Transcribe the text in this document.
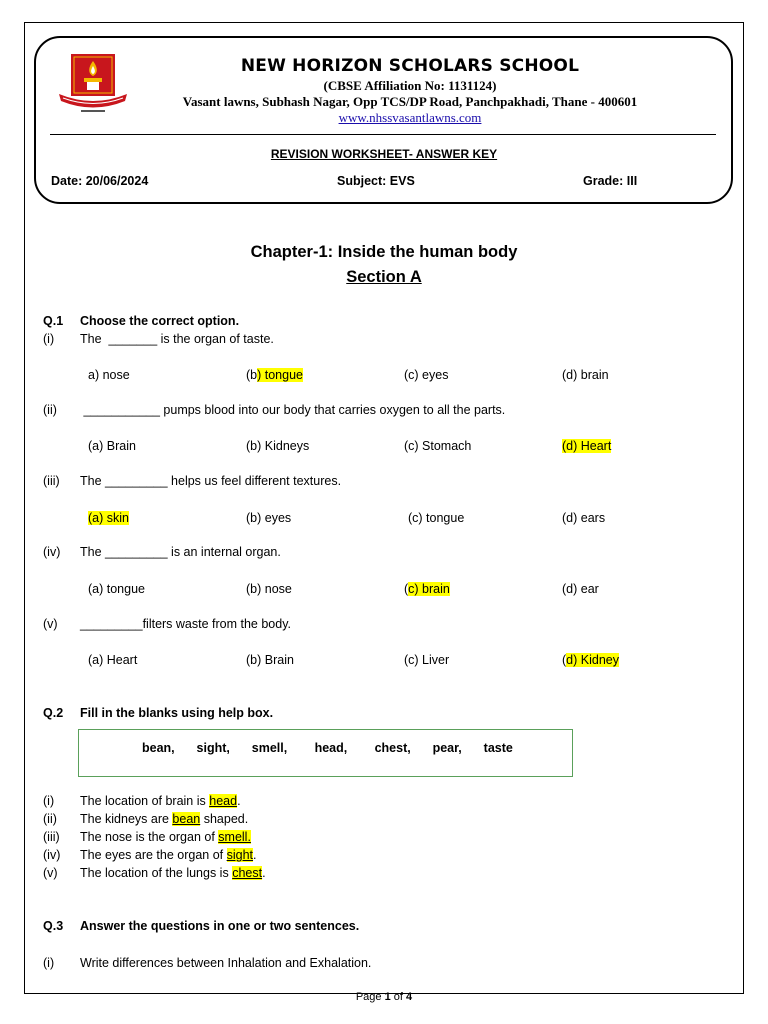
NEW HORIZON SCHOLARS SCHOOL
(CBSE Affiliation No: 1131124)
Vasant lawns, Subhash Nagar, Opp TCS/DP Road, Panchpakhadi, Thane - 400601
www.nhssvasantlawns.com
REVISION WORKSHEET- ANSWER KEY
Date: 20/06/2024	Subject: EVS	Grade: III
Chapter-1: Inside the human body
Section A
Q.1 Choose the correct option.
(i) The  _______ is the organ of taste.
a) nose	(b) tongue	(c) eyes	(d) brain
(ii) ___________ pumps blood into our body that carries oxygen to all the parts.
(a) Brain	(b) Kidneys	(c) Stomach	(d) Heart
(iii) The _________ helps us feel different textures.
(a) skin	(b) eyes	(c) tongue	(d) ears
(iv) The _________ is an internal organ.
(a) tongue	(b) nose	(c) brain	(d) ear
(v) _________filters waste from the body.
(a) Heart	(b) Brain	(c) Liver	(d) Kidney
Q.2 Fill in the blanks using help box.
bean,    sight,    smell,     head,     chest,    pear,    taste
(i) The location of brain is head.
(ii) The kidneys are bean shaped.
(iii) The nose is the organ of smell.
(iv) The eyes are the organ of sight.
(v) The location of the lungs is chest.
Q.3 Answer the questions in one or two sentences.
(i) Write differences between Inhalation and Exhalation.
Page 1 of 4
